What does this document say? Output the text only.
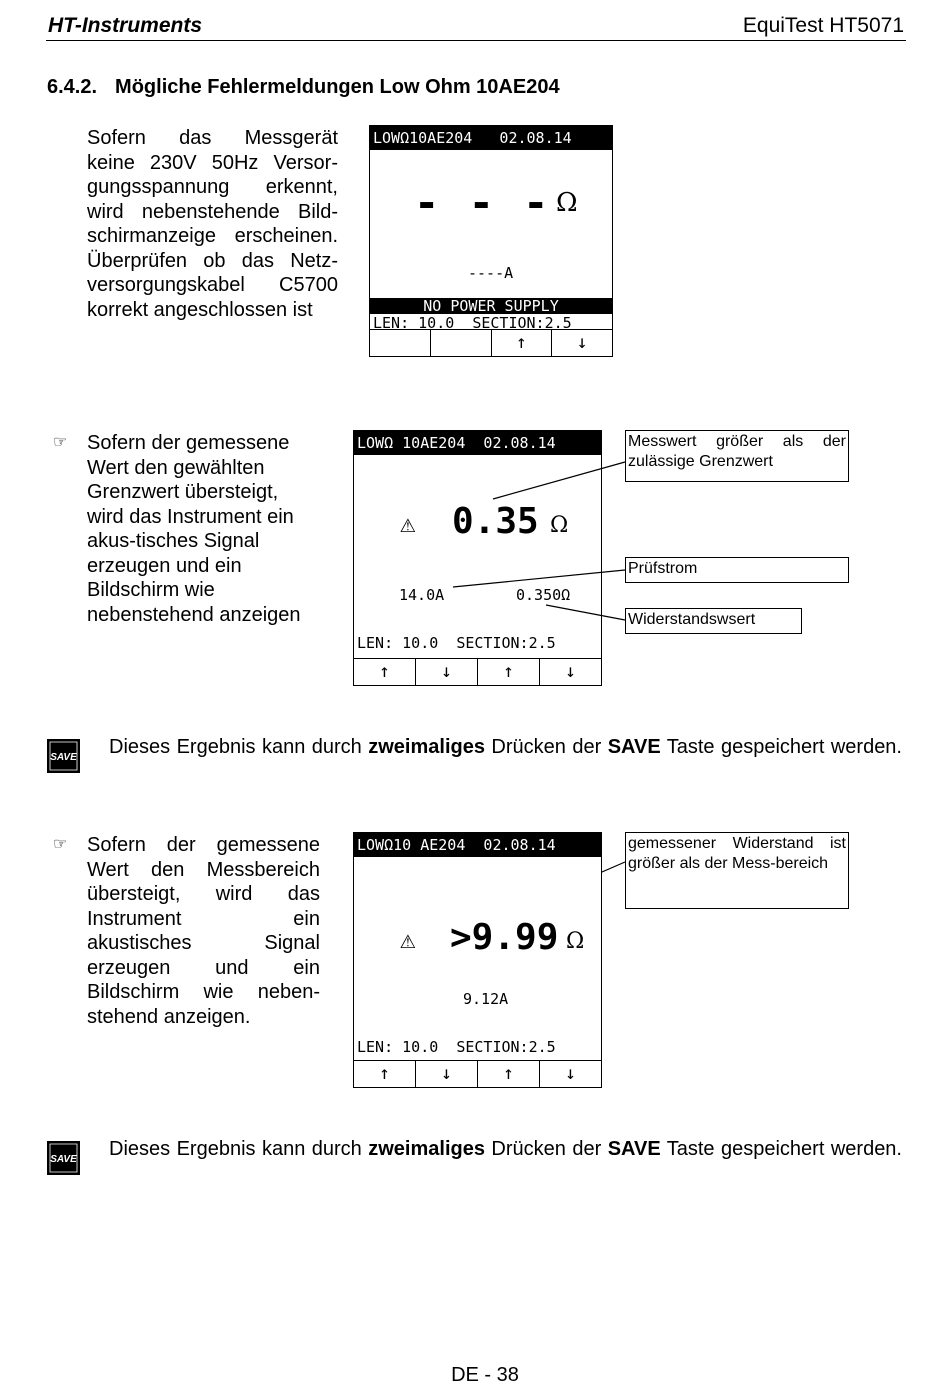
HT-Instruments	EquiTest HT5071
6.4.2. Mögliche Fehlermeldungen Low Ohm 10AE204
Sofern das Messgerät
keine 230V 50Hz Versor-
gungsspannung erkennt,
wird nebenstehende Bild-
schirmanzeige erscheinen.
Überprüfen ob das Netz-
versorgungskabel C5700
korrekt angeschlossen ist
LOWΩ10AE204   02.08.14
- - - Ω
----A
NO POWER SUPPLY
LEN: 10.0  SECTION:2.5
↑	↓
☞ Sofern der gemessene
Wert den gewählten
Grenzwert übersteigt,
wird das Instrument ein
akus-tisches Signal
erzeugen und ein
Bildschirm wie
nebenstehend anzeigen
LOWΩ 10AE204  02.08.14
⚠ 0.35 Ω
14.0A	0.350Ω
LEN: 10.0  SECTION:2.5
↑	↓	↑	↓
Messwert größer als der zulässige Grenzwert
Prüfstrom
Widerstandswsert
SAVE Dieses Ergebnis kann durch zweimaliges Drücken der SAVE Taste gespeichert werden.
☞ Sofern der gemessene
Wert den Messbereich
übersteigt, wird das
Instrument ein
akustisches Signal
erzeugen und ein
Bildschirm wie neben-
stehend anzeigen.
LOWΩ10 AE204  02.08.14
⚠ >9.99 Ω
9.12A
LEN: 10.0  SECTION:2.5
↑	↓	↑	↓
gemessener Widerstand ist größer als der Mess-bereich
SAVE Dieses Ergebnis kann durch zweimaliges Drücken der SAVE Taste gespeichert werden.
DE - 38
